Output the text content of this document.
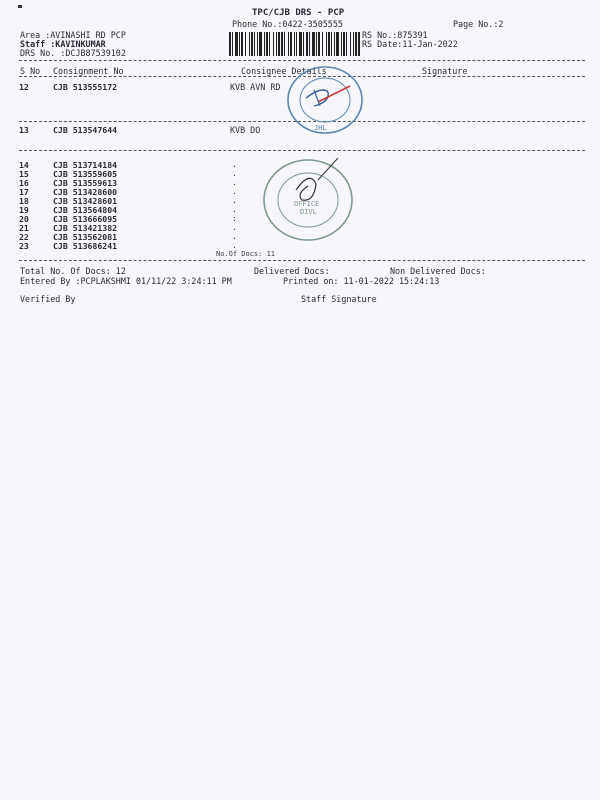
TPC/CJB DRS - PCP
Phone No.:0422-3505555	Page No.:2
Area :AVINASHI RD PCP
Staff :KAVINKUMAR
DRS No. :DCJB87539102
RS No.:875391
RS Date:11-Jan-2022
S No Consignment No	Consignee Details	Signature
12	CJB 513555172	KVB AVN RD
13	CJB 513547644	KVB DO
14	CJB 513714184	.
15	CJB 513559605	.
16	CJB 513559613	.
17	CJB 513428600	.
18	CJB 513428601	.
19	CJB 513564804	.
20	CJB 513666095	:
21	CJB 513421382	.
22	CJB 513562081	.
23	CJB 513686241	.
No.Of Docs: 11
JHL
OFFICE
DIVL
Total No. Of Docs: 12	Delivered Docs:	Non Delivered Docs:
Entered By :PCPLAKSHMI 01/11/22 3:24:11 PM	Printed on: 11-01-2022 15:24:13
Verified By	Staff Signature
